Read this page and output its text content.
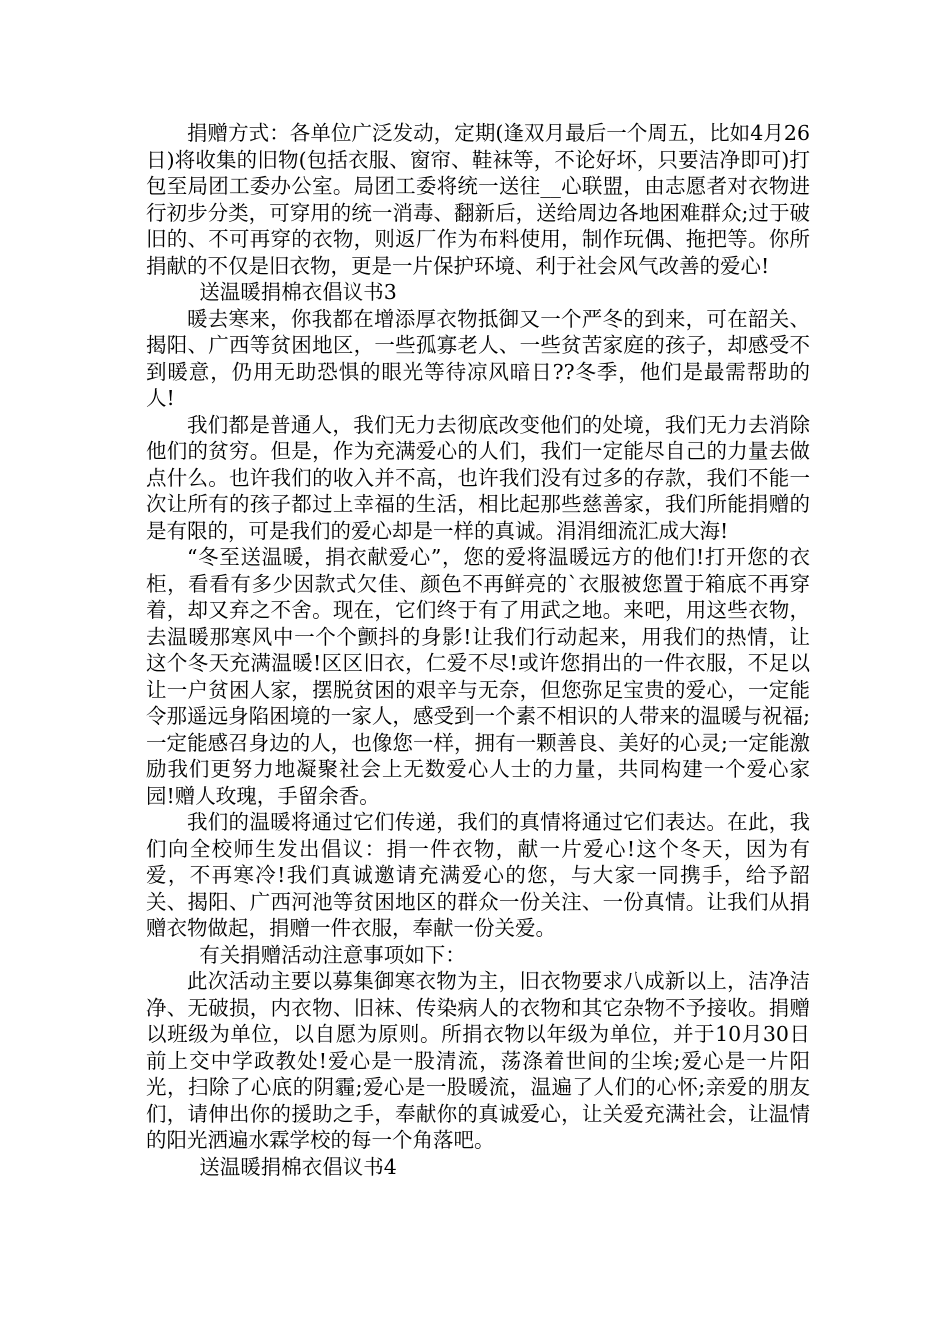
捐赠方式：各单位广泛发动，定期(逢双月最后一个周五，比如4月26日)将收集的旧物(包括衣服、窗帘、鞋袜等，不论好坏，只要洁净即可)打包至局团工委办公室。局团工委将统一送往__心联盟，由志愿者对衣物进行初步分类，可穿用的统一消毒、翻新后，送给周边各地困难群众;过于破旧的、不可再穿的衣物，则返厂作为布料使用，制作玩偶、拖把等。你所捐献的不仅是旧衣物，更是一片保护环境、利于社会风气改善的爱心!

送温暖捐棉衣倡议书3

暖去寒来，你我都在增添厚衣物抵御又一个严冬的到来，可在韶关、揭阳、广西等贫困地区，一些孤寡老人、一些贫苦家庭的孩子，却感受不到暖意，仍用无助恐惧的眼光等待凉风暗日??冬季，他们是最需帮助的人!

我们都是普通人，我们无力去彻底改变他们的处境，我们无力去消除他们的贫穷。但是，作为充满爱心的人们，我们一定能尽自己的力量去做点什么。也许我们的收入并不高，也许我们没有过多的存款，我们不能一次让所有的孩子都过上幸福的生活，相比起那些慈善家，我们所能捐赠的是有限的，可是我们的爱心却是一样的真诚。涓涓细流汇成大海!

“冬至送温暖，捐衣献爱心”，您的爱将温暖远方的他们!打开您的衣柜，看看有多少因款式欠佳、颜色不再鲜亮的`衣服被您置于箱底不再穿着，却又弃之不舍。现在，它们终于有了用武之地。来吧，用这些衣物，去温暖那寒风中一个个颤抖的身影!让我们行动起来，用我们的热情，让这个冬天充满温暖!区区旧衣，仁爱不尽!或许您捐出的一件衣服，不足以让一户贫困人家，摆脱贫困的艰辛与无奈，但您弥足宝贵的爱心，一定能令那遥远身陷困境的一家人，感受到一个素不相识的人带来的温暖与祝福;一定能感召身边的人，也像您一样，拥有一颗善良、美好的心灵;一定能激励我们更努力地凝聚社会上无数爱心人士的力量，共同构建一个爱心家园!赠人玫瑰，手留余香。

我们的温暖将通过它们传递，我们的真情将通过它们表达。在此，我们向全校师生发出倡议：捐一件衣物，献一片爱心!这个冬天，因为有爱，不再寒冷!我们真诚邀请充满爱心的您，与大家一同携手，给予韶关、揭阳、广西河池等贫困地区的群众一份关注、一份真情。让我们从捐赠衣物做起，捐赠一件衣服，奉献一份关爱。

有关捐赠活动注意事项如下：

此次活动主要以募集御寒衣物为主，旧衣物要求八成新以上，洁净洁净、无破损，内衣物、旧袜、传染病人的衣物和其它杂物不予接收。捐赠以班级为单位，以自愿为原则。所捐衣物以年级为单位，并于10月30日前上交中学政教处!爱心是一股清流，荡涤着世间的尘埃;爱心是一片阳光，扫除了心底的阴霾;爱心是一股暖流，温遍了人们的心怀;亲爱的朋友们，请伸出你的援助之手，奉献你的真诚爱心，让关爱充满社会，让温情的阳光洒遍水霖学校的每一个角落吧。

送温暖捐棉衣倡议书4
